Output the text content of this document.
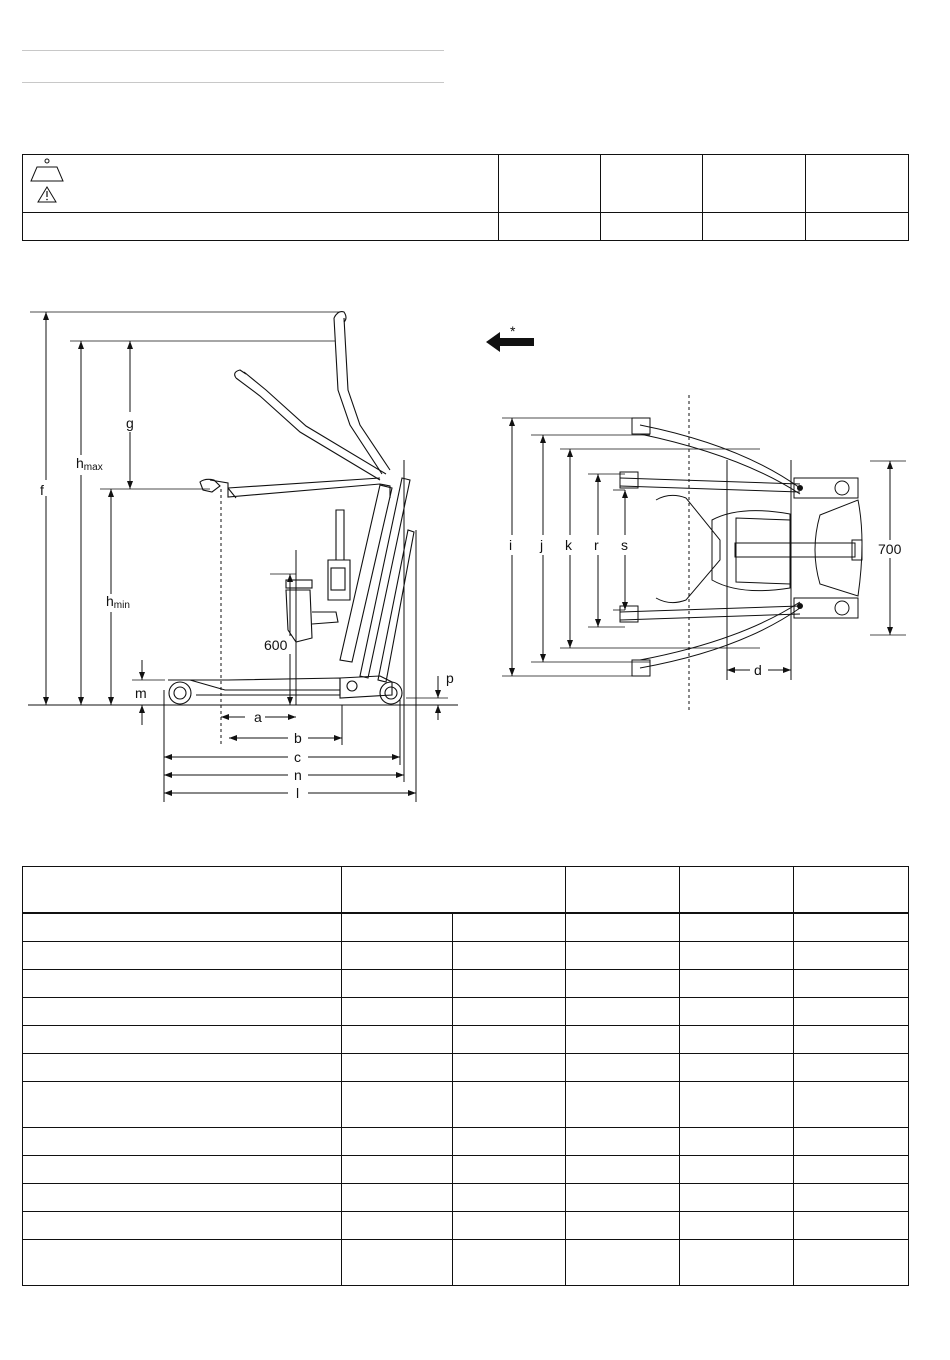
f
g
hmax
hmin
600
m
p
a
b
c
n
l
*
i j k r s
d
700
